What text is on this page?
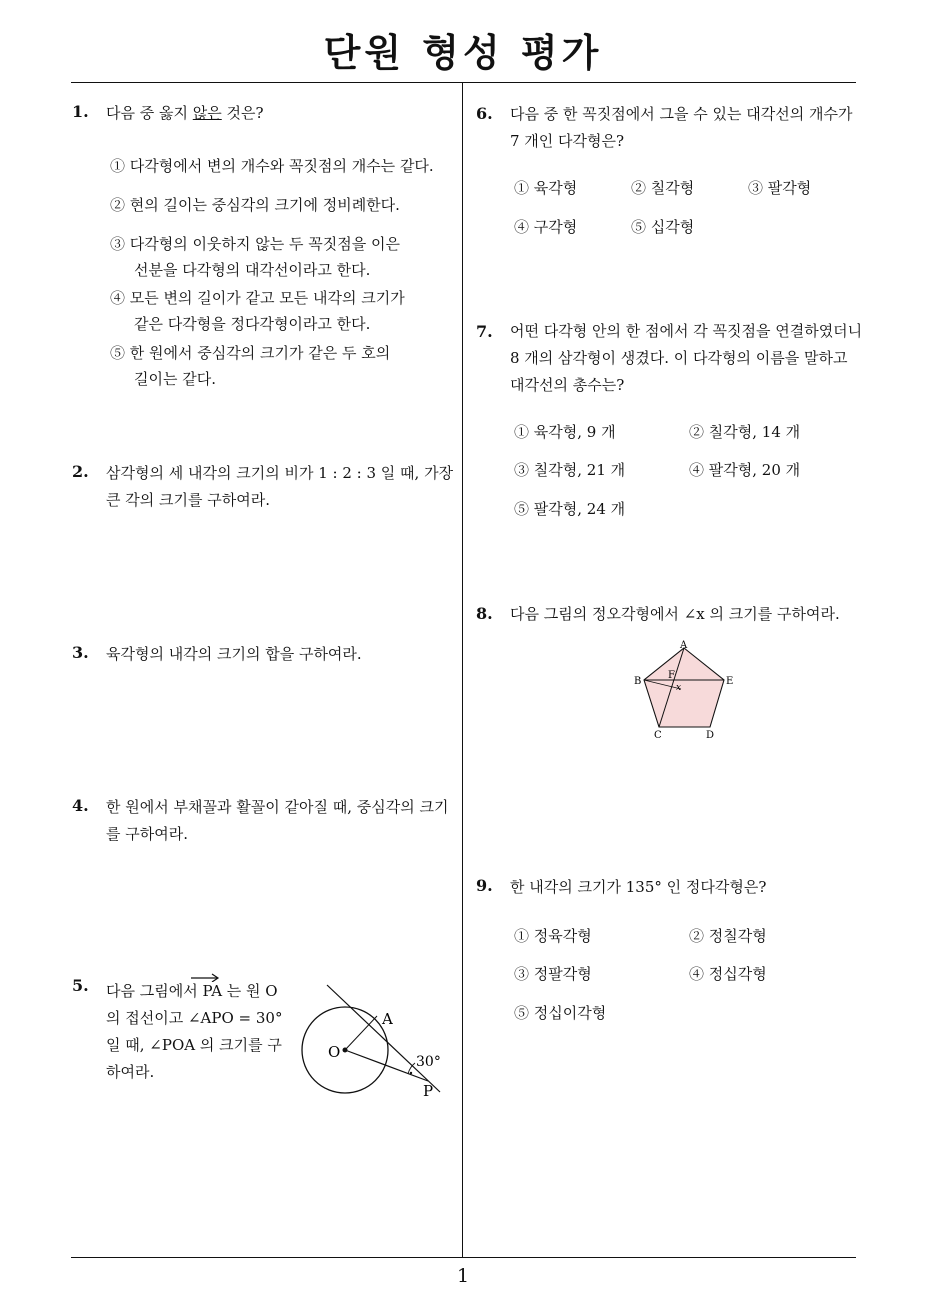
단원 형성 평가
1
1. 다음 중 옳지 않은 것은?
① 다각형에서 변의 개수와 꼭짓점의 개수는 같다.
② 현의 길이는 중심각의 크기에 정비례한다.
③ 다각형의 이웃하지 않는 두 꼭짓점을 이은
선분을 다각형의 대각선이라고 한다.
④ 모든 변의 길이가 같고 모든 내각의 크기가
같은 다각형을 정다각형이라고 한다.
⑤ 한 원에서 중심각의 크기가 같은 두 호의
길이는 같다.
2. 삼각형의 세 내각의 크기의 비가 1 : 2 : 3 일 때, 가장
큰 각의 크기를 구하여라.
3. 육각형의 내각의 크기의 합을 구하여라.
4. 한 원에서 부채꼴과 활꼴이 같아질 때, 중심각의 크기
를 구하여라.
5. 다음 그림에서 PA 는 원 O
의 접선이고 ∠APO = 30°
일 때, ∠POA 의 크기를 구
하여라.
A
O
P
30°
6. 다음 중 한 꼭짓점에서 그을 수 있는 대각선의 개수가
7 개인 다각형은?
① 육각형	② 칠각형	③ 팔각형
④ 구각형	⑤ 십각형
7. 어떤 다각형 안의 한 점에서 각 꼭짓점을 연결하였더니
8 개의 삼각형이 생겼다. 이 다각형의 이름을 말하고
대각선의 총수는?
① 육각형, 9 개	② 칠각형, 14 개
③ 칠각형, 21 개	④ 팔각형, 20 개
⑤ 팔각형, 24 개
8. 다음 그림의 정오각형에서 ∠x 의 크기를 구하여라.
A
B	E
C	D
F
x
9. 한 내각의 크기가 135° 인 정다각형은?
① 정육각형	② 정칠각형
③ 정팔각형	④ 정십각형
⑤ 정십이각형
